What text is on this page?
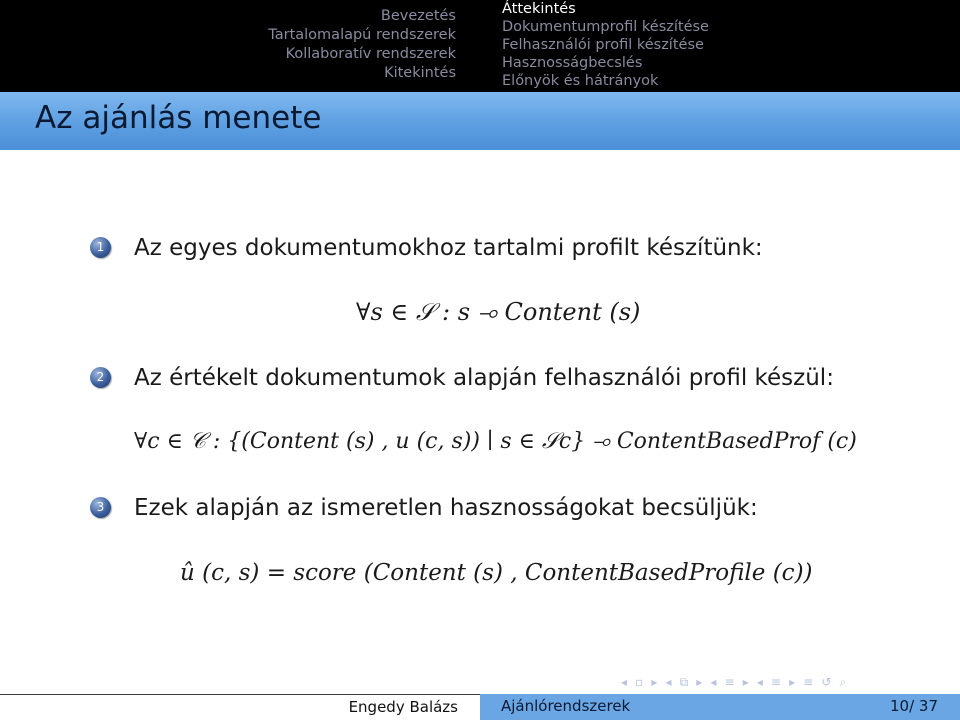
Bevezetés
Tartalomalapú rendszerek
Kollaboratív rendszerek
Kitekintés
Áttekintés
Dokumentumprofil készítése
Felhasználói profil készítése
Hasznosságbecslés
Előnyök és hátrányok
Az ajánlás menete
1 Az egyes dokumentumokhoz tartalmi profilt készítünk:
∀s ∈ 𝒮 : s ⊸ Content (s)
2 Az értékelt dokumentumok alapján felhasználói profil készül:
∀c ∈ 𝒞 : {(Content (s) , u (c, s)) ∣ s ∈ 𝒮c} ⊸ ContentBasedProf (c)
3 Ezek alapján az ismeretlen hasznosságokat becsüljük:
û (c, s) = score (Content (s) , ContentBasedProfile (c))
◂ ▫ ▸ ◂ ⧉ ▸ ◂ ≡ ▸ ◂ ≡ ▸ ≡ ↺ ⌕
Engedy Balázs	Ajánlórendszerek	10/ 37
